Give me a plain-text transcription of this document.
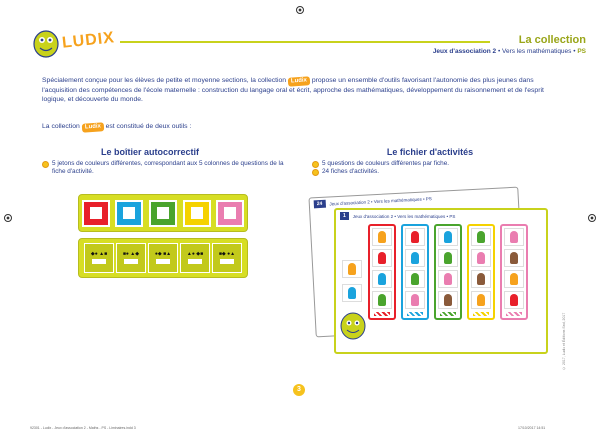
LUDIX	La collection
Jeux d'association 2 • Vers les mathématiques • PS
Spécialement conçue pour les élèves de petite et moyenne sections, la collection Ludix propose un ensemble d'outils favorisant l'autonomie des plus jeunes dans l'acquisition des compétences de l'école maternelle : construction du langage oral et écrit, approche des mathématiques, développement du raisonnement et de l'esprit logique, et découverte du monde.
La collection Ludix est constitué de deux outils :
Le boîtier autocorrectif
5 jetons de couleurs différentes, correspondant aux 5 colonnes de questions de la fiche d'activité.
◆● ▲■	■● ▲◆	●◆ ■▲	▲● ◆■	■◆ ●▲
Le fichier d'activités
5 questions de couleurs différentes par fiche.
24 fiches d'activités.
24	Jeux d'association 2 • Vers les mathématiques • PS
1	Jeux d'association 2 • Vers les mathématiques • PS
© 2017, Ludix et Éditions Sed, 2017
3
92301 - Ludix - Jeux d'association 2 - Maths - PS - Liminaires.indd 3	17/10/2017 14:51
